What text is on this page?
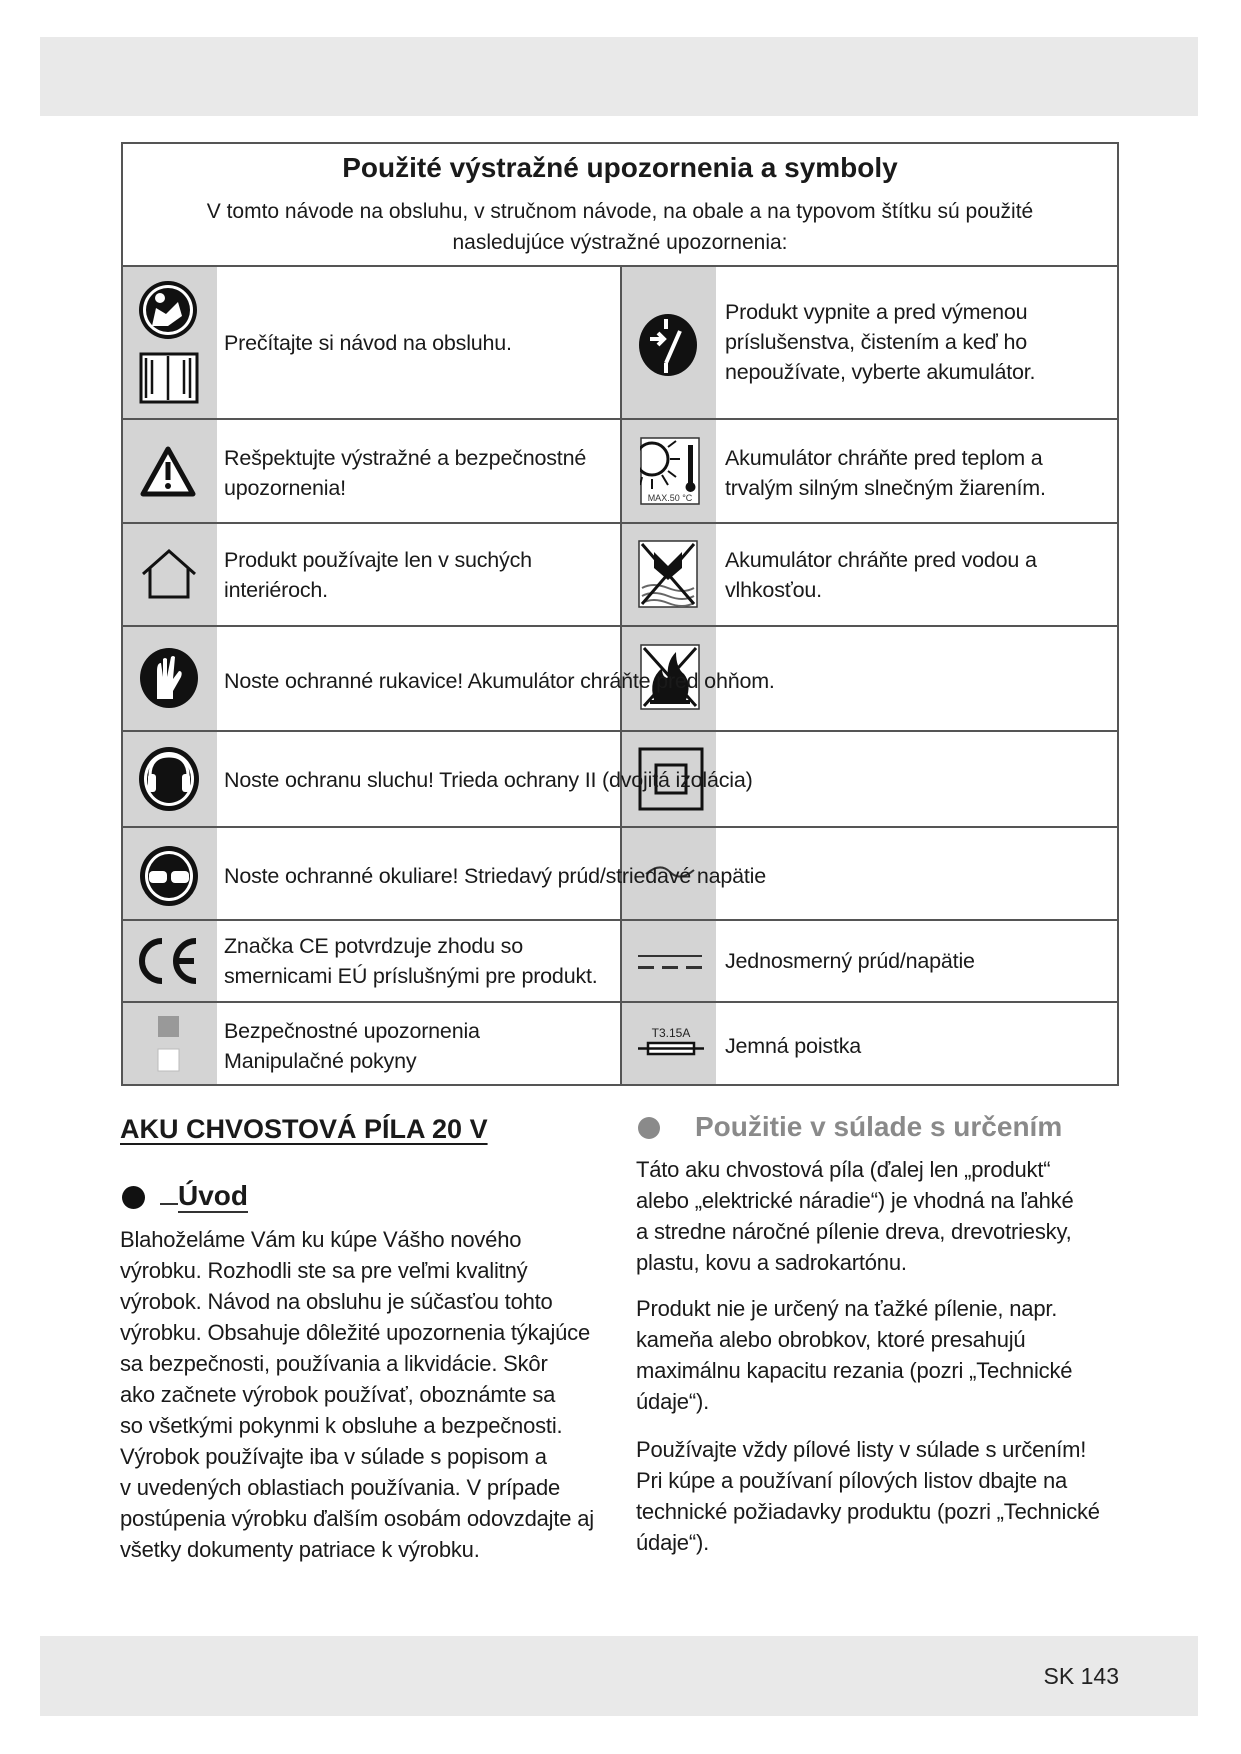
Použité výstražné upozornenia a symboly
V tomto návode na obsluhu, v stručnom návode, na obale a na typovom štítku sú použité
nasledujúce výstražné upozornenia:
Prečítajte si návod na obsluhu.
Produkt vypnite a pred výmenou
príslušenstva, čistením a keď ho
nepoužívate, vyberte akumulátor.
Rešpektujte výstražné a bezpečnostné
upozornenia!
Akumulátor chráňte pred teplom a
trvalým silným slnečným žiarením.
Produkt používajte len v suchých
interiéroch.
Akumulátor chráňte pred vodou a
vlhkosťou.
Noste ochranné rukavice! Akumulátor chráňte pred ohňom.
Noste ochranu sluchu! Trieda ochrany II (dvojitá izolácia)
Noste ochranné okuliare! Striedavý prúd/striedavé napätie
Značka CE potvrdzuje zhodu so
smernicami EÚ príslušnými pre produkt.
Jednosmerný prúd/napätie
Bezpečnostné upozornenia
Manipulačné pokyny
Jemná poistka
MAX.50 °C
T3.15A
AKU CHVOSTOVÁ PÍLA 20 V
Úvod
Blahoželáme Vám ku kúpe Vášho nového
výrobku. Rozhodli ste sa pre veľmi kvalitný
výrobok. Návod na obsluhu je súčasťou tohto
výrobku. Obsahuje dôležité upozornenia týkajúce
sa bezpečnosti, používania a likvidácie. Skôr
ako začnete výrobok používať, oboznámte sa
so všetkými pokynmi k obsluhe a bezpečnosti.
Výrobok používajte iba v súlade s popisom a
v uvedených oblastiach používania. V prípade
postúpenia výrobku ďalším osobám odovzdajte aj
všetky dokumenty patriace k výrobku.
Použitie v súlade s určením
Táto aku chvostová píla (ďalej len „produkt“
alebo „elektrické náradie“) je vhodná na ľahké
a stredne náročné pílenie dreva, drevotriesky,
plastu, kovu a sadrokartónu.
Produkt nie je určený na ťažké pílenie, napr.
kameňa alebo obrobkov, ktoré presahujú
maximálnu kapacitu rezania (pozri „Technické
údaje“).
Používajte vždy pílové listy v súlade s určením!
Pri kúpe a používaní pílových listov dbajte na
technické požiadavky produktu (pozri „Technické
údaje“).
SK 143
